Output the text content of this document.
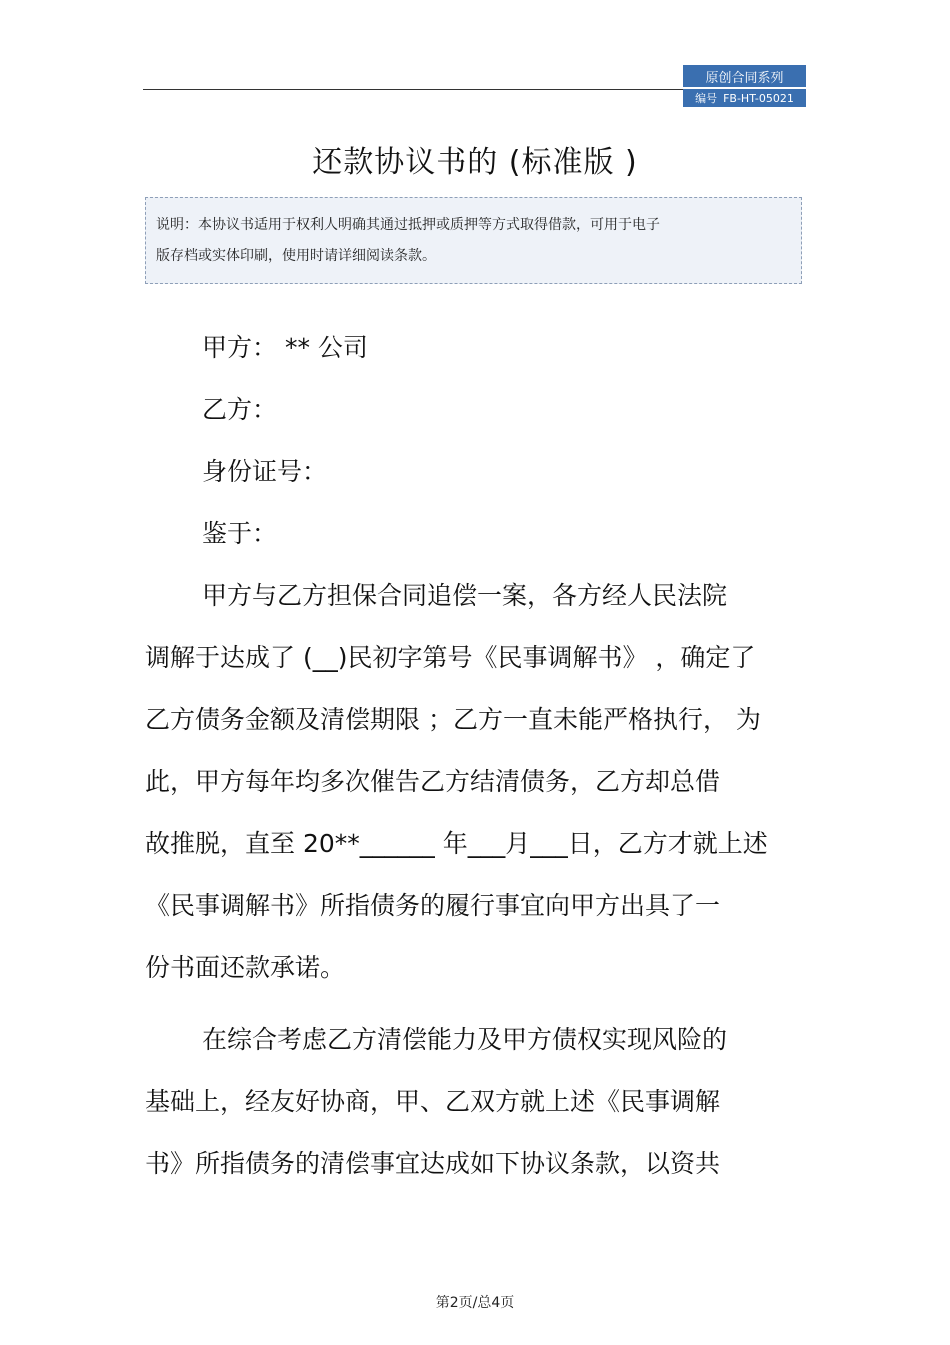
原创合同系列
编号 FB-HT-05021
还款协议书的 (标准版 )
说明：本协议书适用于权利人明确其通过抵押或质押等方式取得借款，可用于电子
版存档或实体印刷，使用时请详细阅读条款。
甲方： ** 公司
乙方：
身份证号：
鉴于：
甲方与乙方担保合同追偿一案，各方经人民法院
调解于达成了 (__)民初字第号《民事调解书》 ，确定了
乙方债务金额及清偿期限 ；乙方一直未能严格执行， 为
此，甲方每年均多次催告乙方结清债务，乙方却总借
故推脱，直至 20**______ 年___月___日，乙方才就上述
《民事调解书》所指债务的履行事宜向甲方出具了一
份书面还款承诺。
在综合考虑乙方清偿能力及甲方债权实现风险的
基础上，经友好协商，甲、乙双方就上述《民事调解
书》所指债务的清偿事宜达成如下协议条款，以资共
第2页/总4页
